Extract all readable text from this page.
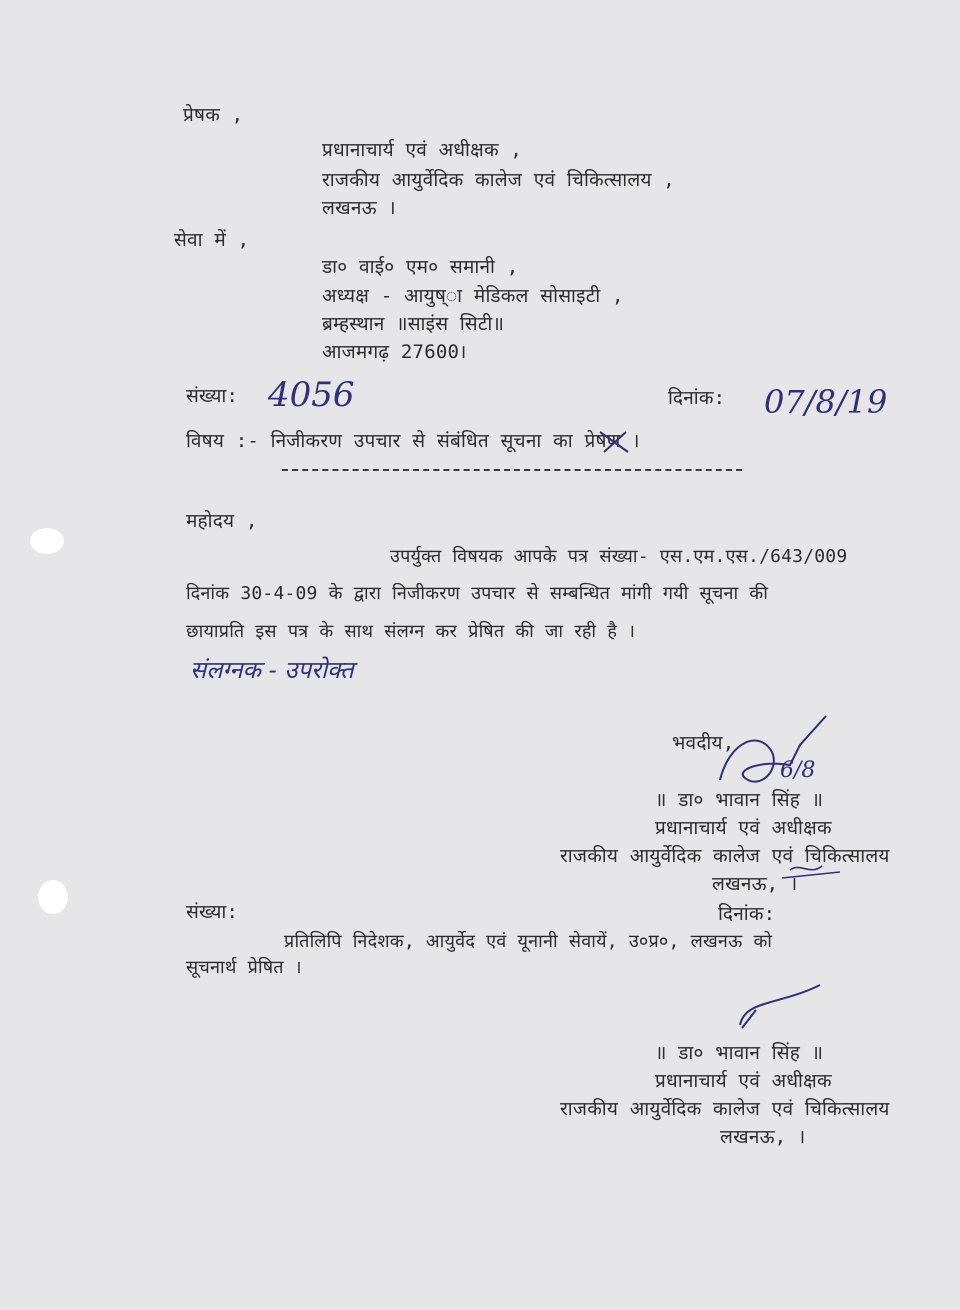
प्रेषक ,
प्रधानाचार्य एवं अधीक्षक ,
राजकीय आयुर्वेदिक कालेज एवं चिकित्सालय ,
लखनऊ ।
सेवा में ,
डा० वाई० एम० समानी ,
अध्यक्ष - आयुष्ा मेडिकल सोसाइटी ,
ब्रम्हस्थान ॥साइंस सिटी॥
आजमगढ़ 27600।
संख्या: 4056	दिनांक: 07/8/19
विषय :- निजीकरण उपचार से संबंधित सूचना का प्रेषण ।
महोदय ,
उपर्युक्त विषयक आपके पत्र संख्या- एस.एम.एस./643/009
दिनांक 30-4-09 के द्वारा निजीकरण उपचार से सम्बन्धित मांगी गयी सूचना की
छायाप्रति इस पत्र के साथ संलग्न कर प्रेषित की जा रही है ।
संलग्नक - उपरोक्त
भवदीय,
6/8
॥ डा० भावान सिंह ॥
प्रधानाचार्य एवं अधीक्षक
राजकीय आयुर्वेदिक कालेज एवं चिकित्सालय
लखनऊ, ।
संख्या:	दिनांक:
प्रतिलिपि निदेशक, आयुर्वेद एवं यूनानी सेवायें, उ०प्र०, लखनऊ को
सूचनार्थ प्रेषित ।
॥ डा० भावान सिंह ॥
प्रधानाचार्य एवं अधीक्षक
राजकीय आयुर्वेदिक कालेज एवं चिकित्सालय
लखनऊ, ।
